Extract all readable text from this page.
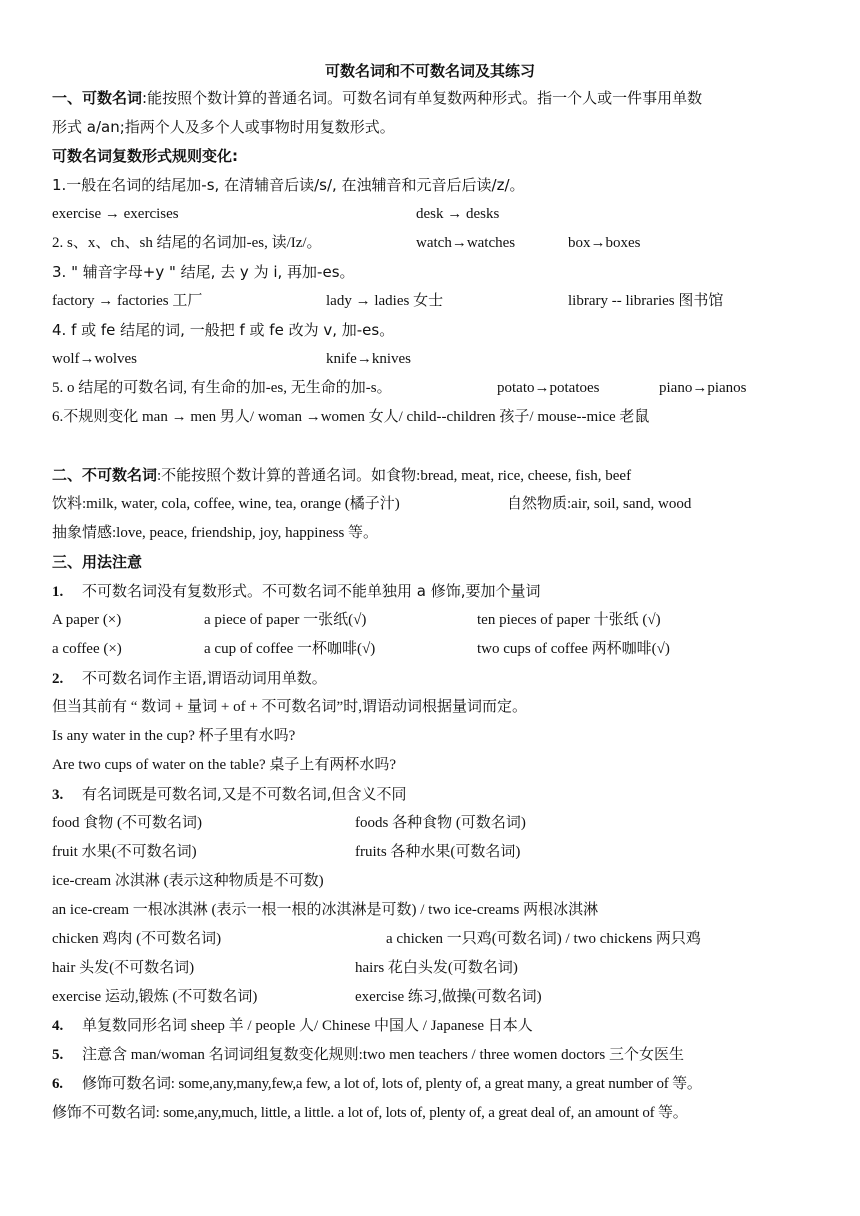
可数名词和不可数名词及其练习
一、可数名词:能按照个数计算的普通名词。可数名词有单复数两种形式。指一个人或一件事用单数
形式 a/an;指两个人及多个人或事物时用复数形式。
可数名词复数形式规则变化:
1.一般在名词的结尾加-s, 在清辅音后读/s/, 在浊辅音和元音后后读/z/。
exercise → exercises	desk → desks
2. s、x、ch、sh 结尾的名词加-es, 读/Iz/。	watch→watches	box→boxes
3. " 辅音字母+y " 结尾, 去 y 为 i, 再加-es。
factory → factories 工厂	lady → ladies 女士	library -- libraries 图书馆
4. f 或 fe 结尾的词, 一般把 f 或 fe 改为 v, 加-es。
wolf→wolves	knife→knives
5. o 结尾的可数名词, 有生命的加-es, 无生命的加-s。	potato→potatoes	piano→pianos
6.不规则变化 man → men 男人/ woman →women 女人/ child--children 孩子/ mouse--mice 老鼠
二、不可数名词:不能按照个数计算的普通名词。如食物:bread, meat, rice, cheese, fish, beef
饮料:milk, water, cola, coffee, wine, tea, orange (橘子汁)	自然物质:air, soil, sand, wood
抽象情感:love, peace, friendship, joy, happiness 等。
三、用法注意
1. 不可数名词没有复数形式。不可数名词不能单独用 a 修饰,要加个量词
A paper (×)	a piece of paper 一张纸(√)	ten pieces of paper 十张纸 (√)
a coffee (×)	a cup of coffee 一杯咖啡(√)	two cups of coffee 两杯咖啡(√)
2. 不可数名词作主语,谓语动词用单数。
但当其前有 “ 数词 + 量词 + of + 不可数名词”时,谓语动词根据量词而定。
Is any water in the cup? 杯子里有水吗?
Are two cups of water on the table? 桌子上有两杯水吗?
3. 有名词既是可数名词,又是不可数名词,但含义不同
food 食物 (不可数名词)	foods 各种食物 (可数名词)
fruit 水果(不可数名词)	fruits 各种水果(可数名词)
ice-cream 冰淇淋 (表示这种物质是不可数)
an ice-cream 一根冰淇淋 (表示一根一根的冰淇淋是可数) / two ice-creams 两根冰淇淋
chicken 鸡肉 (不可数名词)	a chicken 一只鸡(可数名词) / two chickens 两只鸡
hair 头发(不可数名词)	hairs 花白头发(可数名词)
exercise 运动,锻炼 (不可数名词)	exercise 练习,做操(可数名词)
4. 单复数同形名词 sheep 羊 / people 人/ Chinese 中国人 / Japanese 日本人
5. 注意含 man/woman 名词词组复数变化规则:two men teachers / three women doctors 三个女医生
6. 修饰可数名词: some,any,many,few,a few, a lot of, lots of, plenty of, a great many, a great number of 等。
修饰不可数名词: some,any,much, little, a little. a lot of, lots of, plenty of, a great deal of, an amount of 等。
